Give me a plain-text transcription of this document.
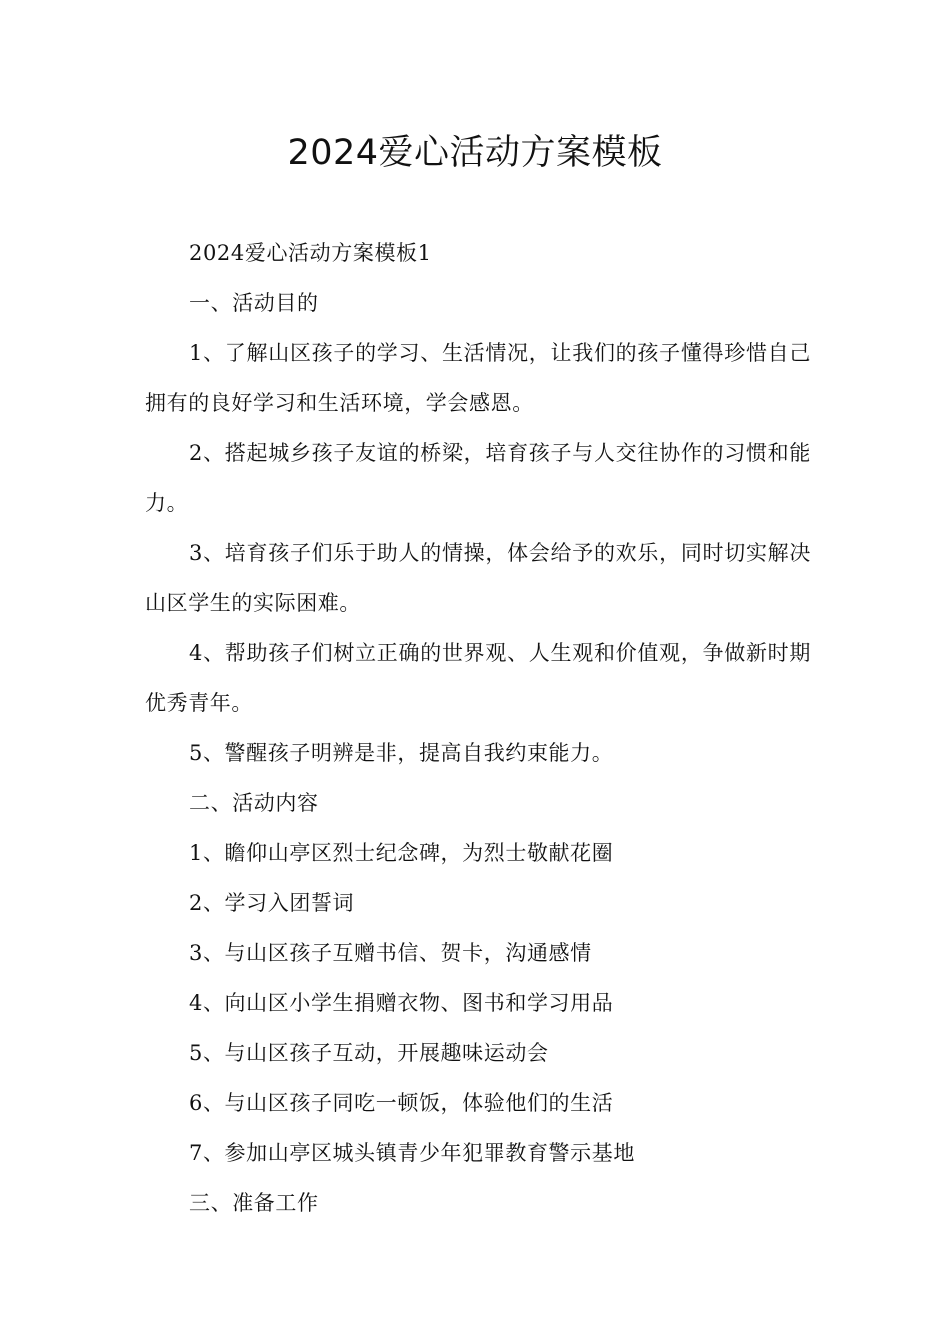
2024爱心活动方案模板

2024爱心活动方案模板1

一、活动目的

1、了解山区孩子的学习、生活情况，让我们的孩子懂得珍惜自己拥有的良好学习和生活环境，学会感恩。

2、搭起城乡孩子友谊的桥梁，培育孩子与人交往协作的习惯和能力。

3、培育孩子们乐于助人的情操，体会给予的欢乐，同时切实解决山区学生的实际困难。

4、帮助孩子们树立正确的世界观、人生观和价值观，争做新时期优秀青年。

5、警醒孩子明辨是非，提高自我约束能力。

二、活动内容

1、瞻仰山亭区烈士纪念碑，为烈士敬献花圈

2、学习入团誓词

3、与山区孩子互赠书信、贺卡，沟通感情

4、向山区小学生捐赠衣物、图书和学习用品

5、与山区孩子互动，开展趣味运动会

6、与山区孩子同吃一顿饭，体验他们的生活

7、参加山亭区城头镇青少年犯罪教育警示基地

三、准备工作
